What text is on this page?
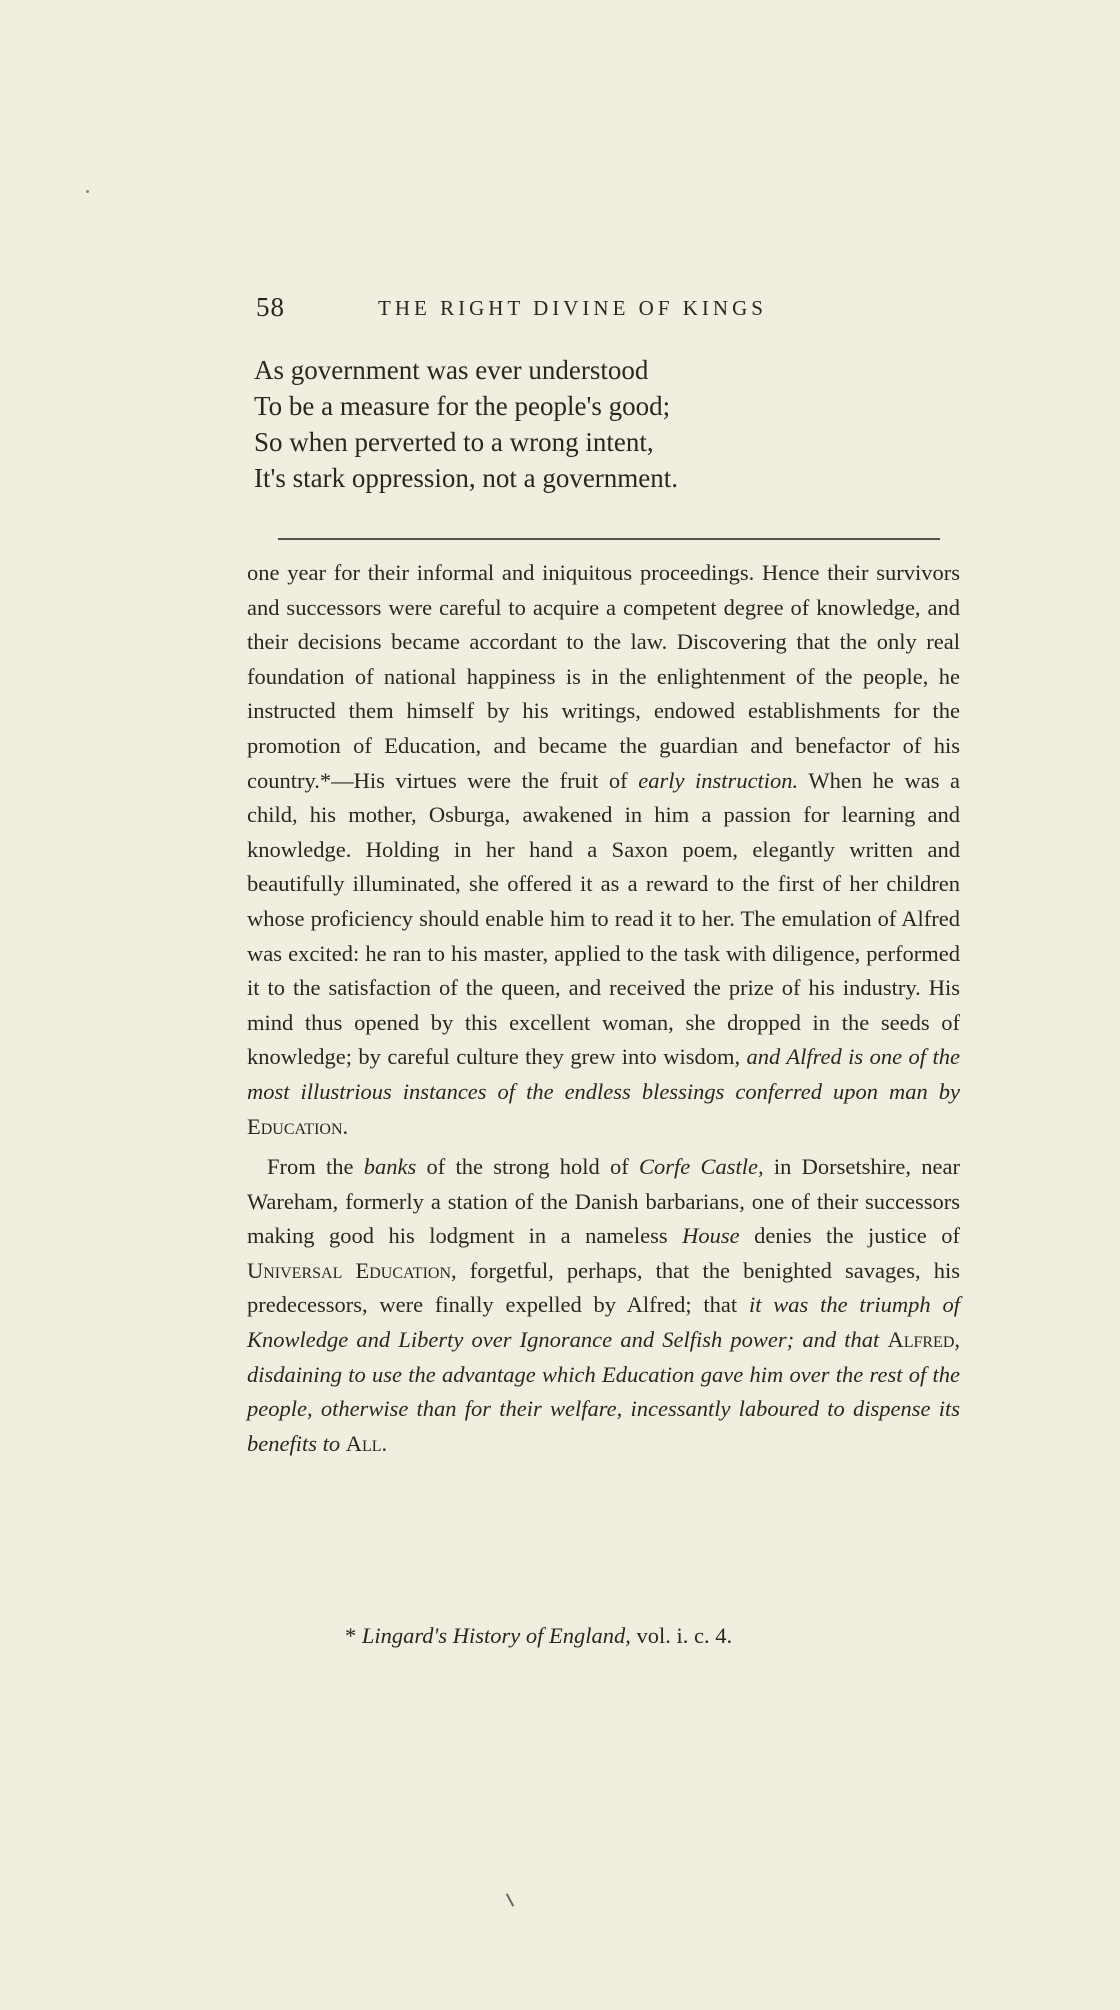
58	THE RIGHT DIVINE OF KINGS
As government was ever understood
To be a measure for the people's good;
So when perverted to a wrong intent,
It's stark oppression, not a government.

one year for their informal and iniquitous proceedings. Hence their survivors and successors were careful to acquire a competent degree of knowledge, and their decisions became accordant to the law. Discovering that the only real foundation of national happiness is in the enlightenment of the people, he instructed them himself by his writings, endowed establishments for the promotion of Education, and became the guardian and benefactor of his country.*—His virtues were the fruit of early instruction. When he was a child, his mother, Osburga, awakened in him a passion for learning and knowledge. Holding in her hand a Saxon poem, elegantly written and beautifully illuminated, she offered it as a reward to the first of her children whose proficiency should enable him to read it to her. The emulation of Alfred was excited: he ran to his master, applied to the task with diligence, performed it to the satisfaction of the queen, and received the prize of his industry. His mind thus opened by this excellent woman, she dropped in the seeds of knowledge; by careful culture they grew into wisdom, and Alfred is one of the most illustrious instances of the endless blessings conferred upon man by Education.

From the banks of the strong hold of Corfe Castle, in Dorsetshire, near Wareham, formerly a station of the Danish barbarians, one of their successors making good his lodgment in a nameless House denies the justice of Universal Education, forgetful, perhaps, that the benighted savages, his predecessors, were finally expelled by Alfred; that it was the triumph of Knowledge and Liberty over Ignorance and Selfish power; and that Alfred, disdaining to use the advantage which Education gave him over the rest of the people, otherwise than for their welfare, incessantly laboured to dispense its benefits to All.

* Lingard's History of England, vol. i. c. 4.
